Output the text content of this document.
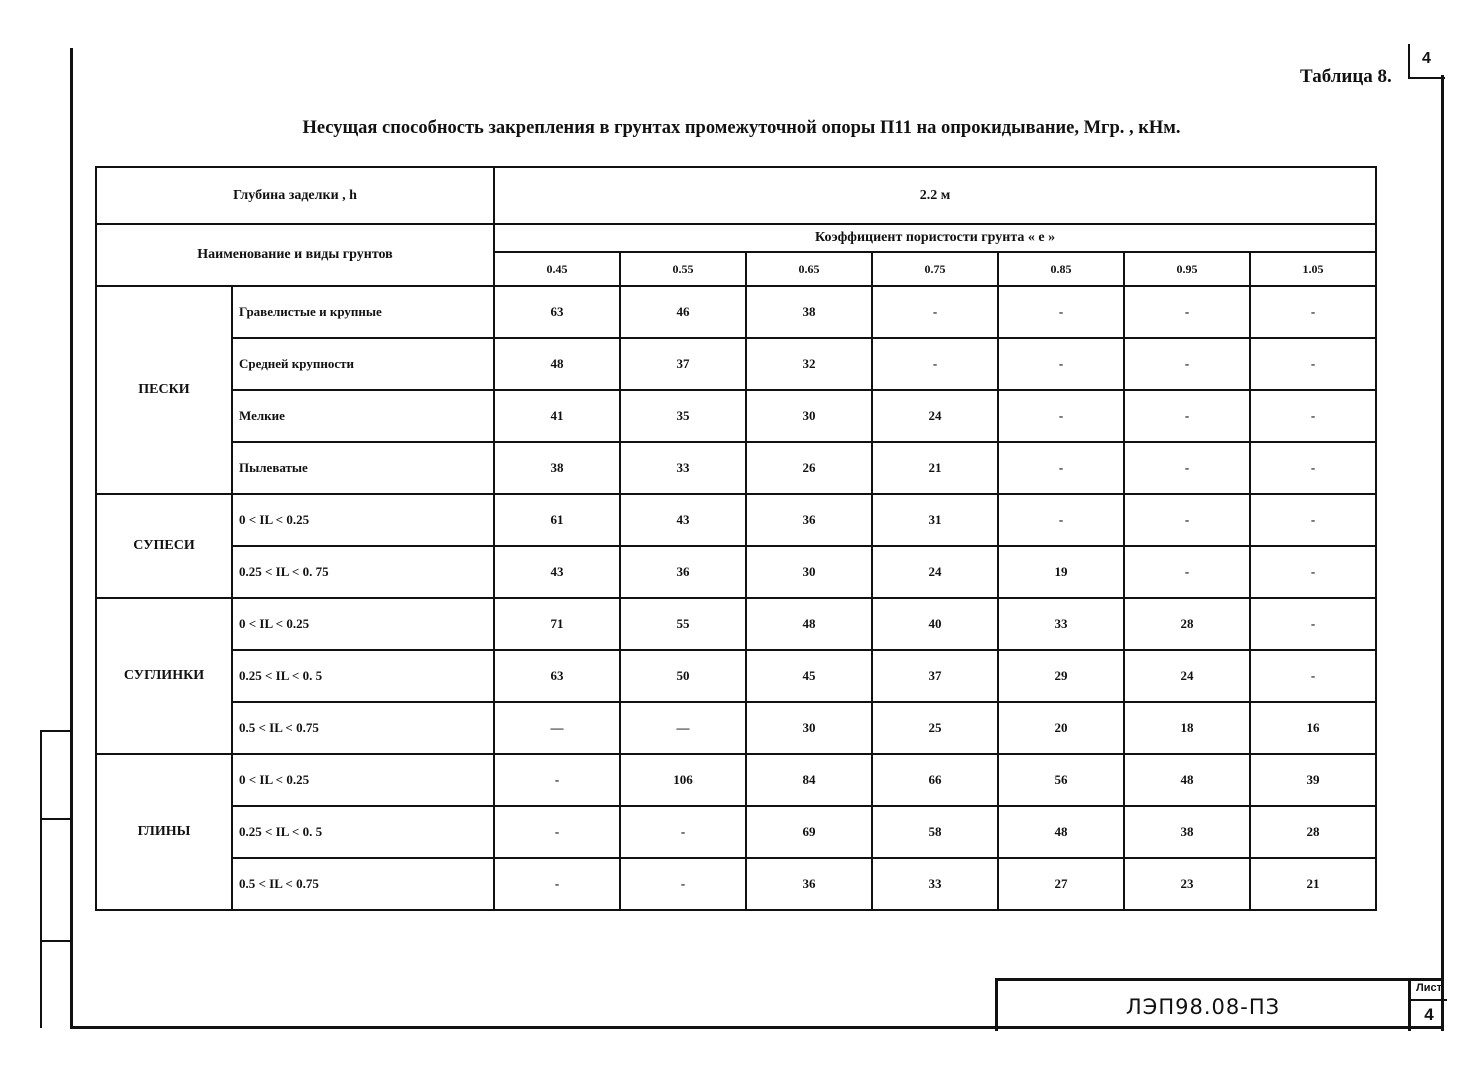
4
Таблица 8.
Несущая способность закрепления в грунтах промежуточной опоры П11 на опрокидывание, Мгр. , кНм.
Глубина заделки , h		2.2 м						
Наименование и виды грунтов		Коэффициент пористости грунта « е »						
		0.45	0.55	0.65	0.75	0.85	0.95	1.05
ПЕСКИ	Гравелистые и крупные	63	46	38	-	-	-	-
	Средней крупности	48	37	32	-	-	-	-
	Мелкие	41	35	30	24	-	-	-
	Пылеватые	38	33	26	21	-	-	-
СУПЕСИ	0 < IL < 0.25	61	43	36	31	-	-	-
	0.25 < IL < 0. 75	43	36	30	24	19	-	-
СУГЛИНКИ	0 < IL < 0.25	71	55	48	40	33	28	-
	0.25 < IL < 0. 5	63	50	45	37	29	24	-
	0.5 < IL < 0.75	—	—	30	25	20	18	16
ГЛИНЫ	0 < IL < 0.25	-	106	84	66	56	48	39
	0.25 < IL < 0. 5	-	-	69	58	48	38	28
	0.5 < IL < 0.75	-	-	36	33	27	23	21
ЛЭП98.08-ПЗ
Лист
4
